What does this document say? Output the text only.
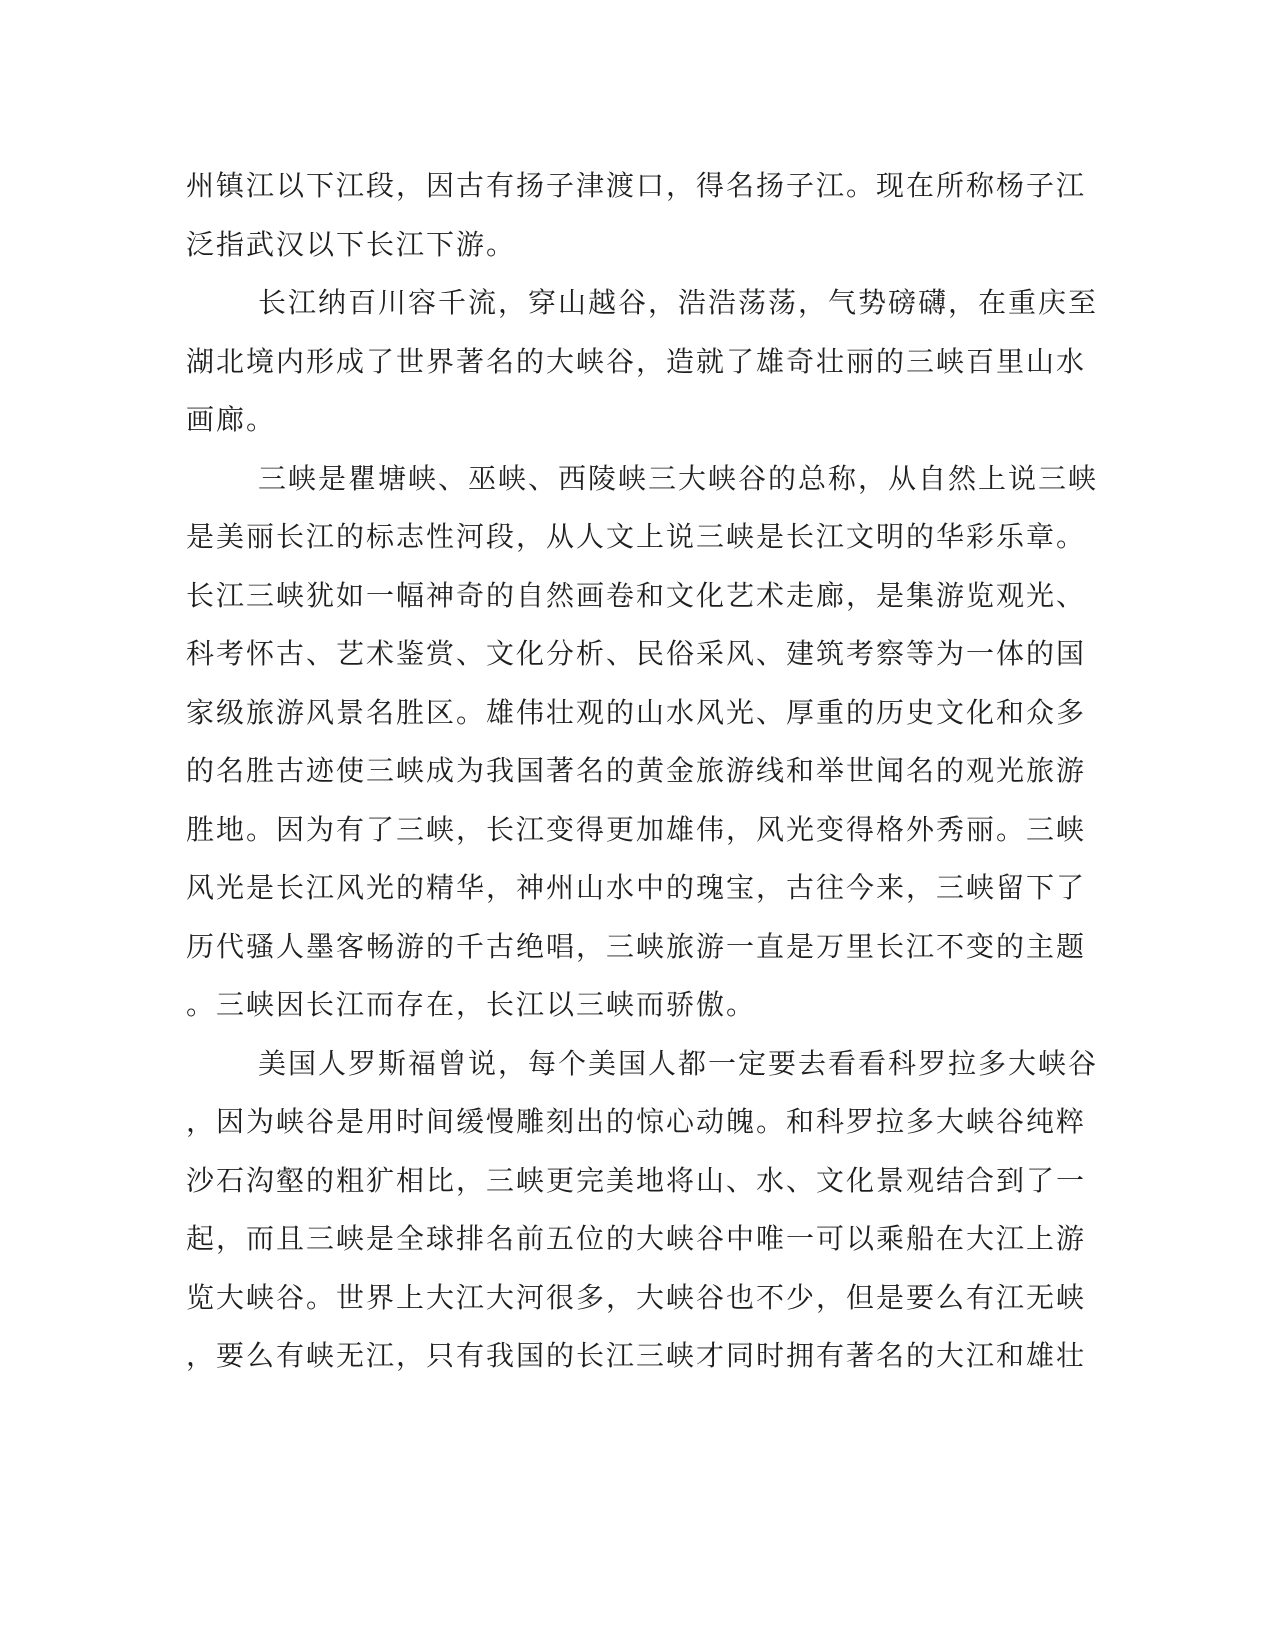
州镇江以下江段，因古有扬子津渡口，得名扬子江。现在所称杨子江
泛指武汉以下长江下游。
长江纳百川容千流，穿山越谷，浩浩荡荡，气势磅礴，在重庆至
湖北境内形成了世界著名的大峡谷，造就了雄奇壮丽的三峡百里山水
画廊。
三峡是瞿塘峡、巫峡、西陵峡三大峡谷的总称，从自然上说三峡
是美丽长江的标志性河段，从人文上说三峡是长江文明的华彩乐章。
长江三峡犹如一幅神奇的自然画卷和文化艺术走廊，是集游览观光、
科考怀古、艺术鉴赏、文化分析、民俗采风、建筑考察等为一体的国
家级旅游风景名胜区。雄伟壮观的山水风光、厚重的历史文化和众多
的名胜古迹使三峡成为我国著名的黄金旅游线和举世闻名的观光旅游
胜地。因为有了三峡，长江变得更加雄伟，风光变得格外秀丽。三峡
风光是长江风光的精华，神州山水中的瑰宝，古往今来，三峡留下了
历代骚人墨客畅游的千古绝唱，三峡旅游一直是万里长江不变的主题
。三峡因长江而存在，长江以三峡而骄傲。
美国人罗斯福曾说，每个美国人都一定要去看看科罗拉多大峡谷
，因为峡谷是用时间缓慢雕刻出的惊心动魄。和科罗拉多大峡谷纯粹
沙石沟壑的粗犷相比，三峡更完美地将山、水、文化景观结合到了一
起，而且三峡是全球排名前五位的大峡谷中唯一可以乘船在大江上游
览大峡谷。世界上大江大河很多，大峡谷也不少，但是要么有江无峡
，要么有峡无江，只有我国的长江三峡才同时拥有著名的大江和雄壮
